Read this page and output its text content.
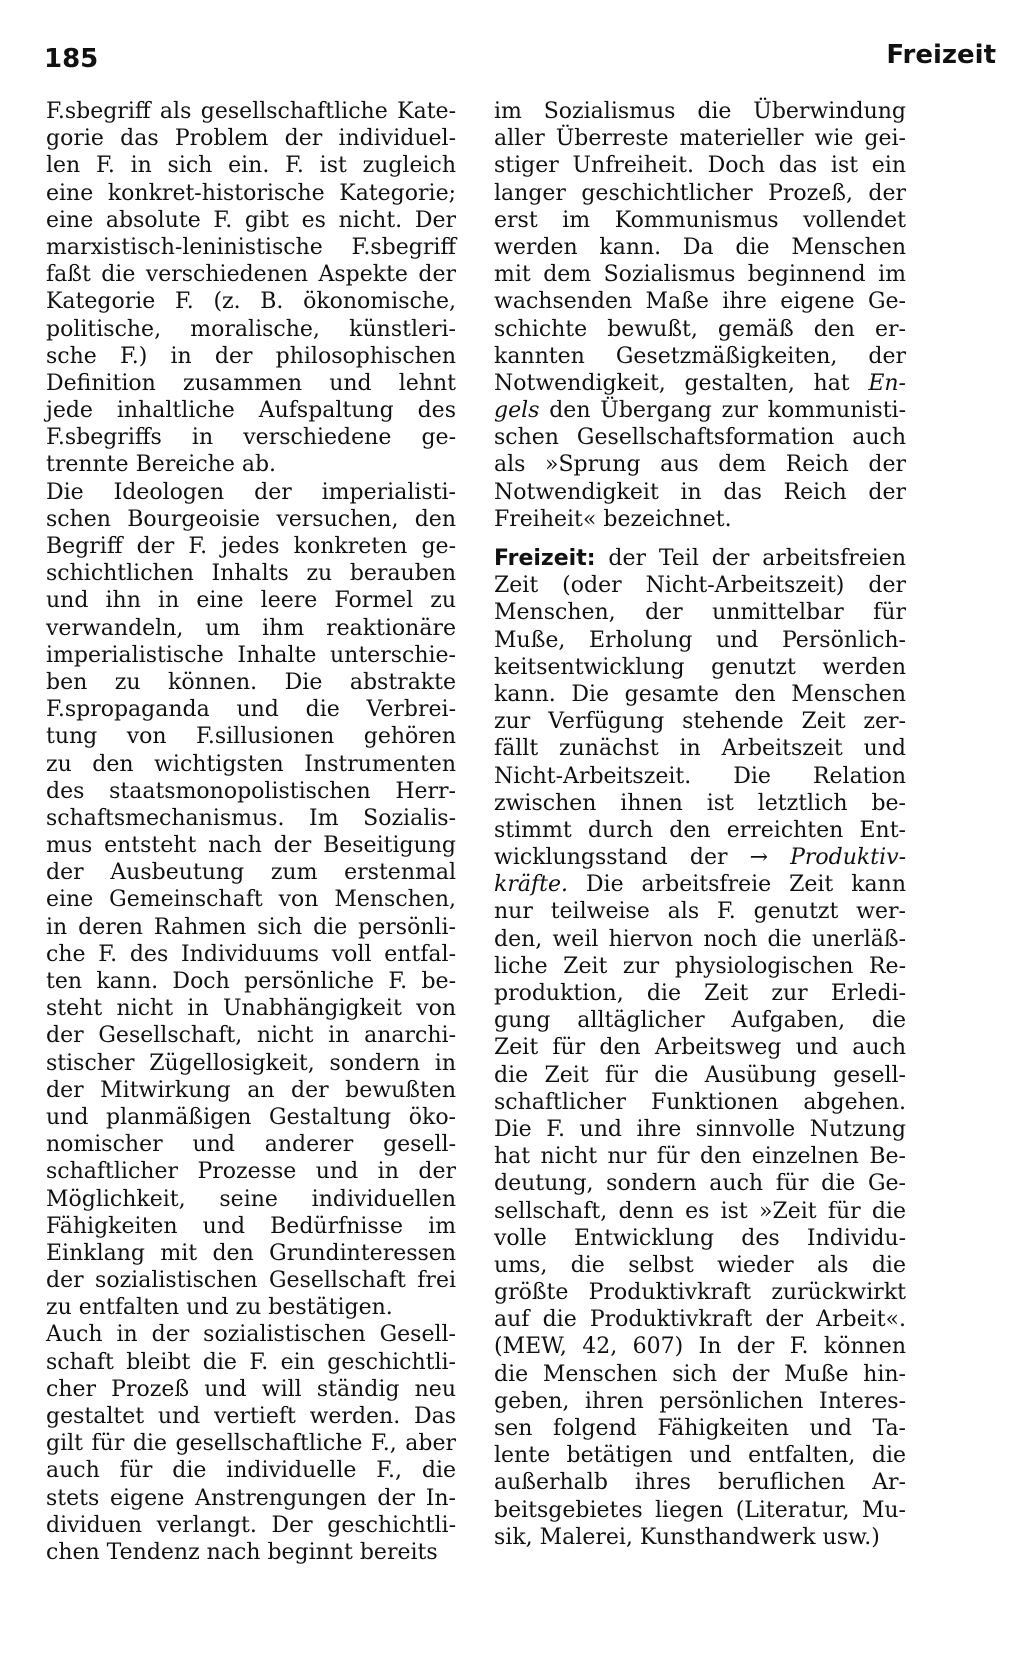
185	Freizeit
F.sbegriff als gesellschaftliche Kate-
gorie das Problem der individuel-
len F. in sich ein. F. ist zugleich
eine konkret-historische Kategorie;
eine absolute F. gibt es nicht. Der
marxistisch-leninistische F.sbegriff
faßt die verschiedenen Aspekte der
Kategorie F. (z. B. ökonomische,
politische, moralische, künstleri-
sche F.) in der philosophischen
Definition zusammen und lehnt
jede inhaltliche Aufspaltung des
F.sbegriffs in verschiedene ge-
trennte Bereiche ab.
Die Ideologen der imperialisti-
schen Bourgeoisie versuchen, den
Begriff der F. jedes konkreten ge-
schichtlichen Inhalts zu berauben
und ihn in eine leere Formel zu
verwandeln, um ihm reaktionäre
imperialistische Inhalte unterschie-
ben zu können. Die abstrakte
F.spropaganda und die Verbrei-
tung von F.sillusionen gehören
zu den wichtigsten Instrumenten
des staatsmonopolistischen Herr-
schaftsmechanismus. Im Sozialis-
mus entsteht nach der Beseitigung
der Ausbeutung zum erstenmal
eine Gemeinschaft von Menschen,
in deren Rahmen sich die persönli-
che F. des Individuums voll entfal-
ten kann. Doch persönliche F. be-
steht nicht in Unabhängigkeit von
der Gesellschaft, nicht in anarchi-
stischer Zügellosigkeit, sondern in
der Mitwirkung an der bewußten
und planmäßigen Gestaltung öko-
nomischer und anderer gesell-
schaftlicher Prozesse und in der
Möglichkeit, seine individuellen
Fähigkeiten und Bedürfnisse im
Einklang mit den Grundinteressen
der sozialistischen Gesellschaft frei
zu entfalten und zu bestätigen.
Auch in der sozialistischen Gesell-
schaft bleibt die F. ein geschichtli-
cher Prozeß und will ständig neu
gestaltet und vertieft werden. Das
gilt für die gesellschaftliche F., aber
auch für die individuelle F., die
stets eigene Anstrengungen der In-
dividuen verlangt. Der geschichtli-
chen Tendenz nach beginnt bereits
im Sozialismus die Überwindung
aller Überreste materieller wie gei-
stiger Unfreiheit. Doch das ist ein
langer geschichtlicher Prozeß, der
erst im Kommunismus vollendet
werden kann. Da die Menschen
mit dem Sozialismus beginnend im
wachsenden Maße ihre eigene Ge-
schichte bewußt, gemäß den er-
kannten Gesetzmäßigkeiten, der
Notwendigkeit, gestalten, hat En-
gels den Übergang zur kommunisti-
schen Gesellschaftsformation auch
als »Sprung aus dem Reich der
Notwendigkeit in das Reich der
Freiheit« bezeichnet.
Freizeit: der Teil der arbeitsfreien
Zeit (oder Nicht-Arbeitszeit) der
Menschen, der unmittelbar für
Muße, Erholung und Persönlich-
keitsentwicklung genutzt werden
kann. Die gesamte den Menschen
zur Verfügung stehende Zeit zer-
fällt zunächst in Arbeitszeit und
Nicht-Arbeitszeit. Die Relation
zwischen ihnen ist letztlich be-
stimmt durch den erreichten Ent-
wicklungsstand der → Produktiv-
kräfte. Die arbeitsfreie Zeit kann
nur teilweise als F. genutzt wer-
den, weil hiervon noch die unerläß-
liche Zeit zur physiologischen Re-
produktion, die Zeit zur Erledi-
gung alltäglicher Aufgaben, die
Zeit für den Arbeitsweg und auch
die Zeit für die Ausübung gesell-
schaftlicher Funktionen abgehen.
Die F. und ihre sinnvolle Nutzung
hat nicht nur für den einzelnen Be-
deutung, sondern auch für die Ge-
sellschaft, denn es ist »Zeit für die
volle Entwicklung des Individu-
ums, die selbst wieder als die
größte Produktivkraft zurückwirkt
auf die Produktivkraft der Arbeit«.
(MEW, 42, 607) In der F. können
die Menschen sich der Muße hin-
geben, ihren persönlichen Interes-
sen folgend Fähigkeiten und Ta-
lente betätigen und entfalten, die
außerhalb ihres beruflichen Ar-
beitsgebietes liegen (Literatur, Mu-
sik, Malerei, Kunsthandwerk usw.)
